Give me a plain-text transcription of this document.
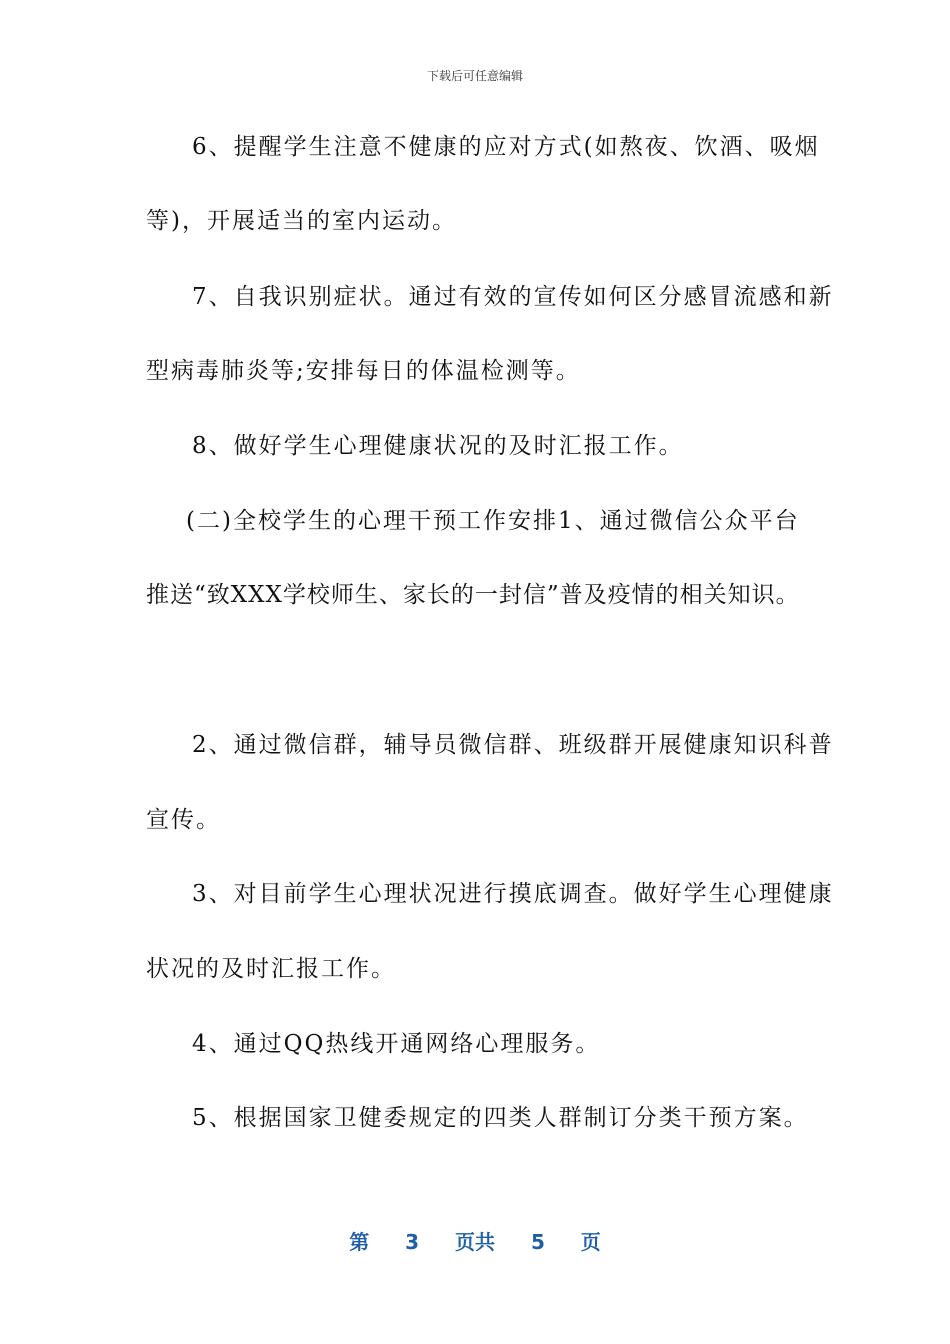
下载后可任意编辑
6、提醒学生注意不健康的应对方式(如熬夜、饮酒、吸烟
等)，开展适当的室内运动。
7、自我识别症状。通过有效的宣传如何区分感冒流感和新
型病毒肺炎等;安排每日的体温检测等。
8、做好学生心理健康状况的及时汇报工作。
(二)全校学生的心理干预工作安排1、通过微信公众平台
推送“致XXX学校师生、家长的一封信”普及疫情的相关知识。
2、通过微信群，辅导员微信群、班级群开展健康知识科普
宣传。
3、对目前学生心理状况进行摸底调查。做好学生心理健康
状况的及时汇报工作。
4、通过QQ热线开通网络心理服务。
5、根据国家卫健委规定的四类人群制订分类干预方案。
第 3 页共 5 页
